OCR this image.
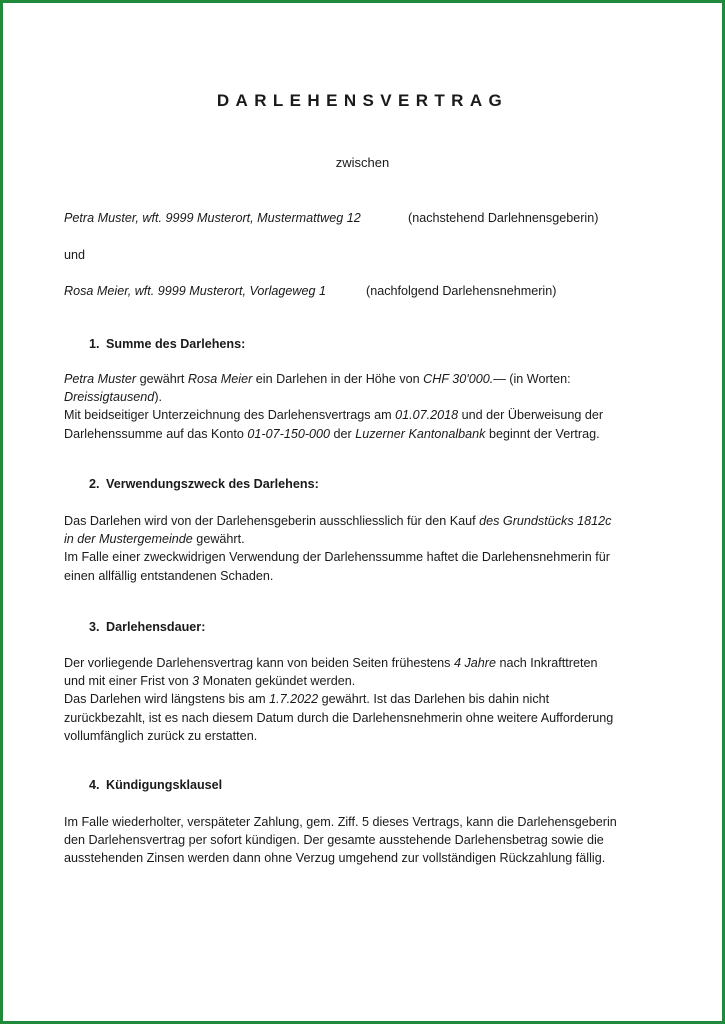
DARLEHENSVERTRAG
zwischen
Petra Muster, wft. 9999 Musterort, Mustermattweg 12	(nachstehend Darlehnensgeberin)
und
Rosa Meier, wft. 9999 Musterort, Vorlageweg 1	(nachfolgend Darlehensnehmerin)
1. Summe des Darlehens:
Petra Muster gewährt Rosa Meier ein Darlehen in der Höhe von CHF 30'000.— (in Worten:
Dreissigtausend).
Mit beidseitiger Unterzeichnung des Darlehensvertrags am 01.07.2018 und der Überweisung der
Darlehenssumme auf das Konto 01-07-150-000 der Luzerner Kantonalbank beginnt der Vertrag.
2. Verwendungszweck des Darlehens:
Das Darlehen wird von der Darlehensgeberin ausschliesslich für den Kauf des Grundstücks 1812c
in der Mustergemeinde gewährt.
Im Falle einer zweckwidrigen Verwendung der Darlehenssumme haftet die Darlehensnehmerin für
einen allfällig entstandenen Schaden.
3. Darlehensdauer:
Der vorliegende Darlehensvertrag kann von beiden Seiten frühestens 4 Jahre nach Inkrafttreten
und mit einer Frist von 3 Monaten gekündet werden.
Das Darlehen wird längstens bis am 1.7.2022 gewährt. Ist das Darlehen bis dahin nicht
zurückbezahlt, ist es nach diesem Datum durch die Darlehensnehmerin ohne weitere Aufforderung
vollumfänglich zurück zu erstatten.
4. Kündigungsklausel
Im Falle wiederholter, verspäteter Zahlung, gem. Ziff. 5 dieses Vertrags, kann die Darlehensgeberin
den Darlehensvertrag per sofort kündigen. Der gesamte ausstehende Darlehensbetrag sowie die
ausstehenden Zinsen werden dann ohne Verzug umgehend zur vollständigen Rückzahlung fällig.
